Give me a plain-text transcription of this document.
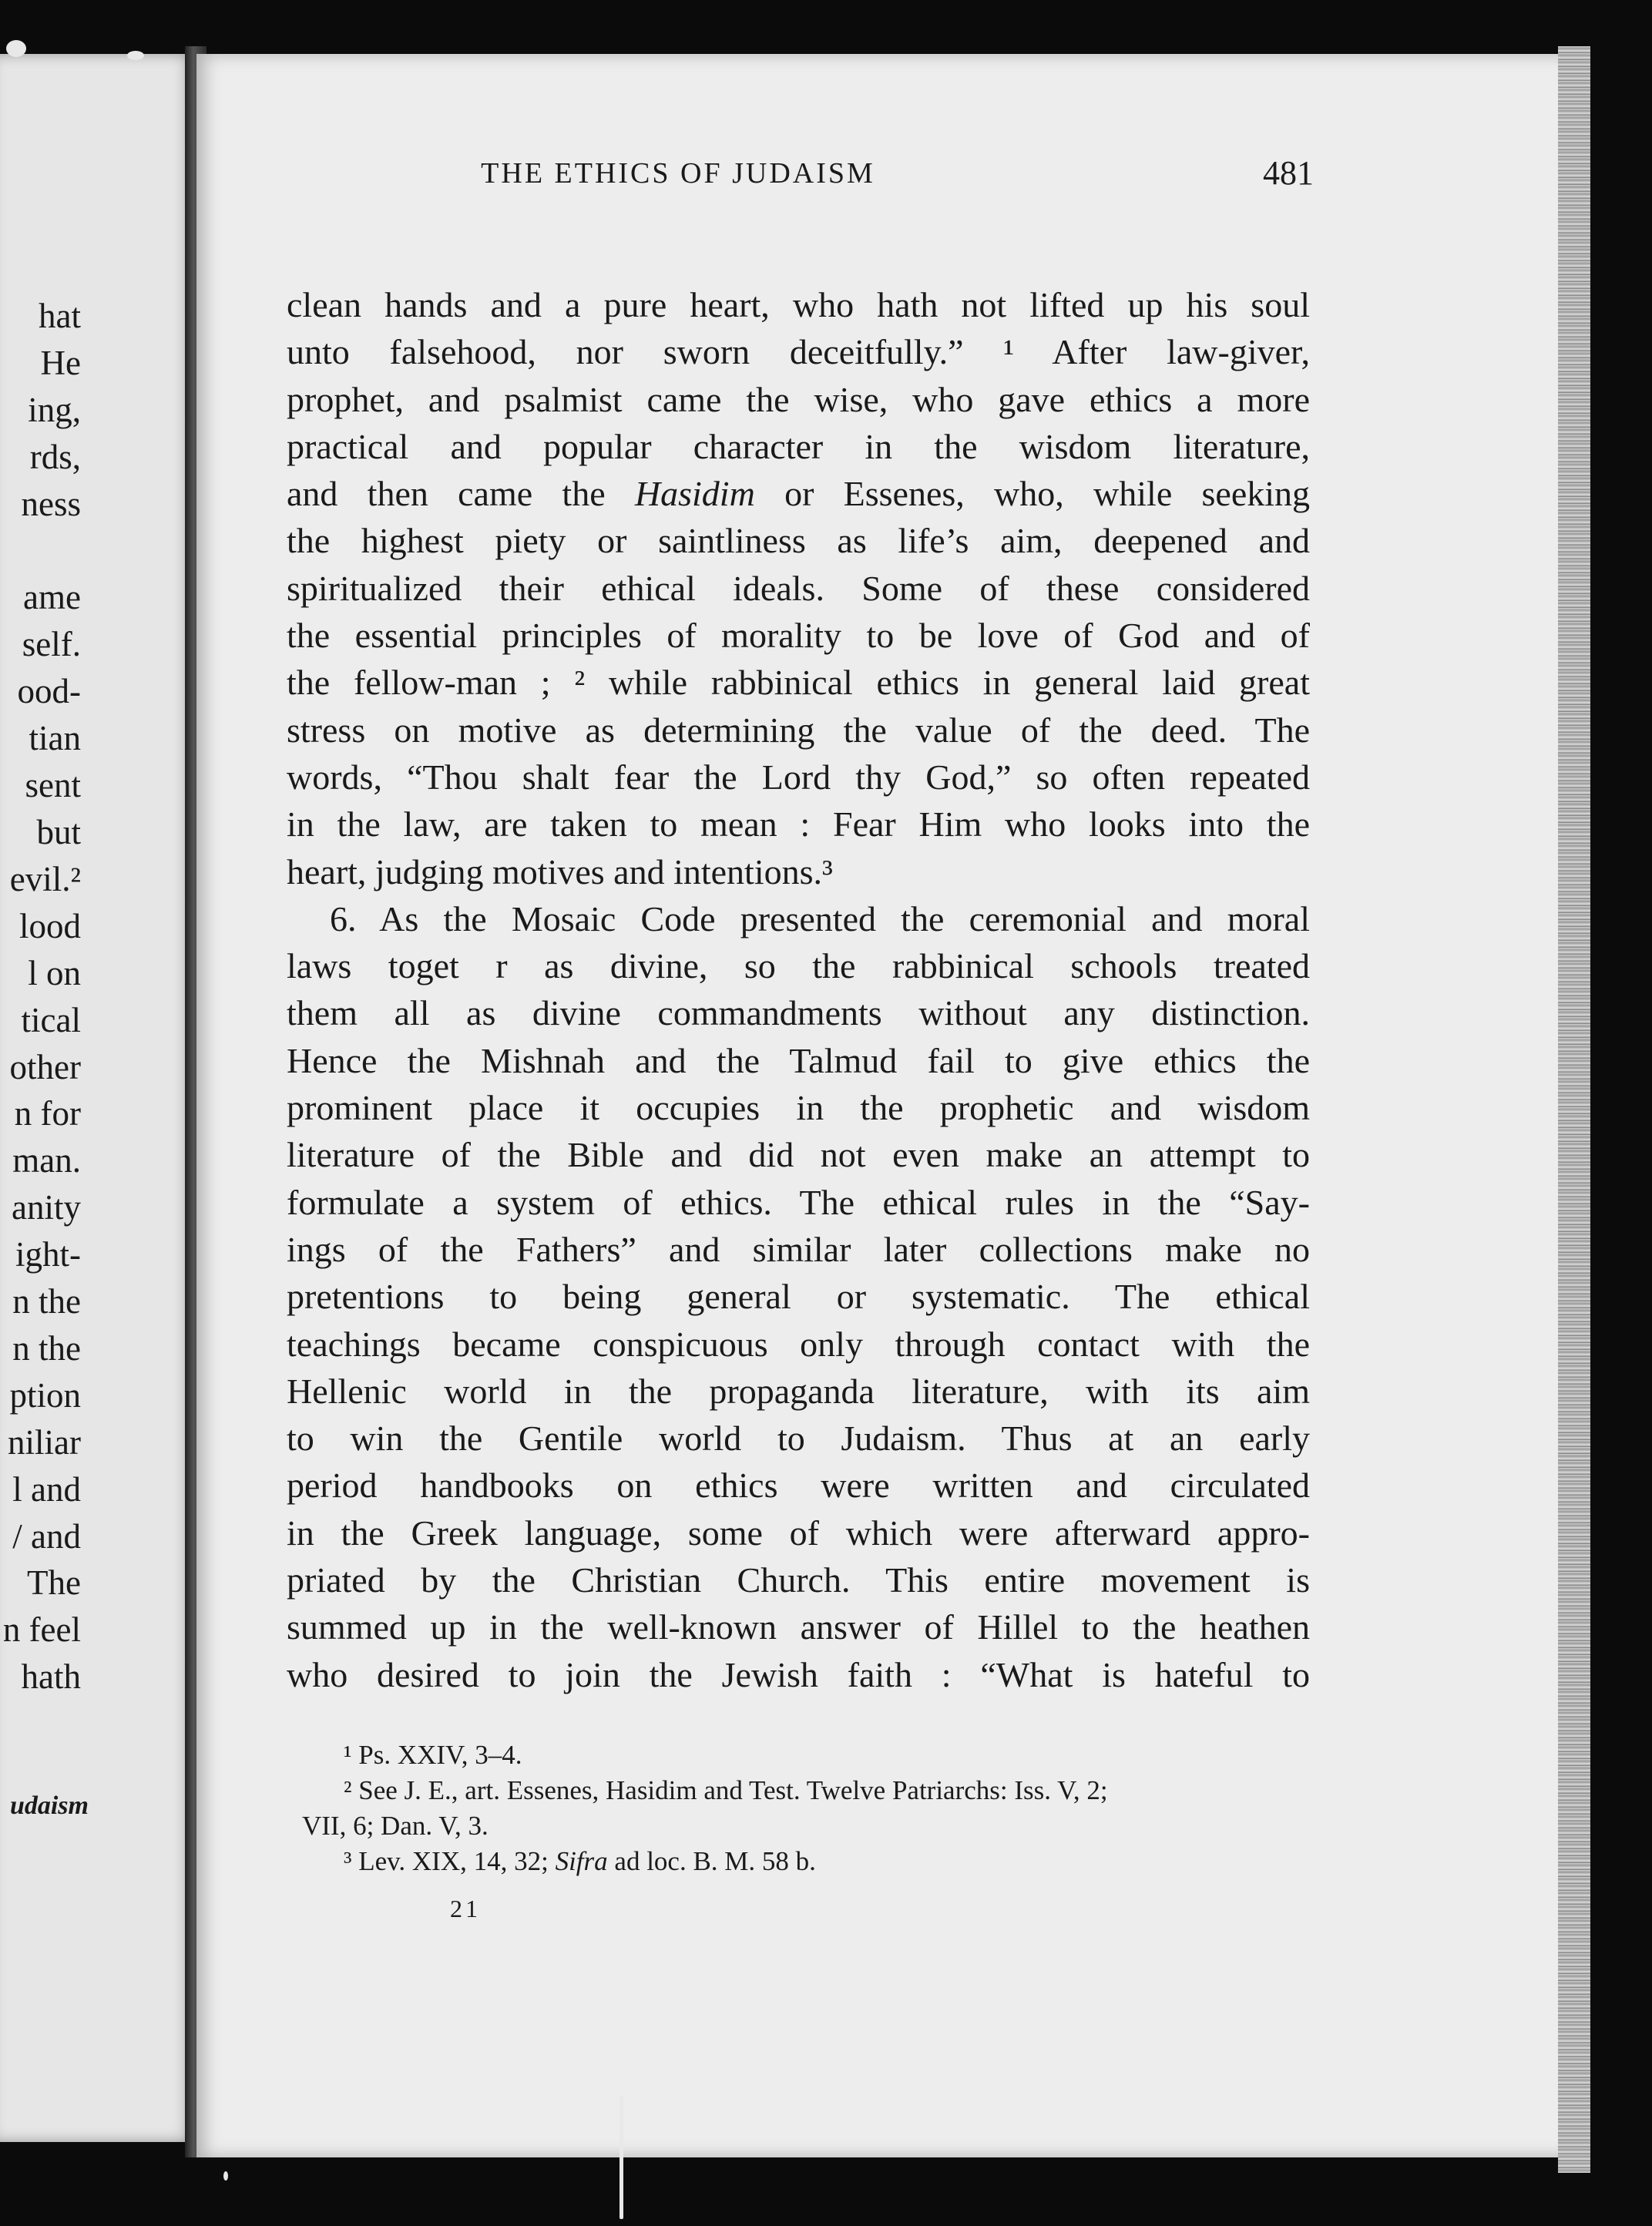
hat
He
ing,
rds,
ness

ame
self.
ood-
tian
sent
but
evil.²
lood
l on
tical
other
n for
man.
anity
ight-
n the
n the
ption
niliar
l and
/ and
The
n feel
hath
udaism
THE ETHICS OF JUDAISM	481
clean hands and a pure heart, who hath not lifted up his soul
unto falsehood, nor sworn deceitfully.” ¹ After law-giver,
prophet, and psalmist came the wise, who gave ethics a more
practical and popular character in the wisdom literature,
and then came the Hasidim or Essenes, who, while seeking
the highest piety or saintliness as life’s aim, deepened and
spiritualized their ethical ideals. Some of these considered
the essential principles of morality to be love of God and of
the fellow-man ; ² while rabbinical ethics in general laid great
stress on motive as determining the value of the deed. The
words, “Thou shalt fear the Lord thy God,” so often repeated
in the law, are taken to mean : Fear Him who looks into the
heart, judging motives and intentions.³
6. As the Mosaic Code presented the ceremonial and moral
laws toget r as divine, so the rabbinical schools treated
them all as divine commandments without any distinction.
Hence the Mishnah and the Talmud fail to give ethics the
prominent place it occupies in the prophetic and wisdom
literature of the Bible and did not even make an attempt to
formulate a system of ethics. The ethical rules in the “Say-
ings of the Fathers” and similar later collections make no
pretentions to being general or systematic. The ethical
teachings became conspicuous only through contact with the
Hellenic world in the propaganda literature, with its aim
to win the Gentile world to Judaism. Thus at an early
period handbooks on ethics were written and circulated
in the Greek language, some of which were afterward appro-
priated by the Christian Church. This entire movement is
summed up in the well-known answer of Hillel to the heathen
who desired to join the Jewish faith : “What is hateful to
¹ Ps. XXIV, 3–4.
² See J. E., art. Essenes, Hasidim and Test. Twelve Patriarchs: Iss. V, 2;
VII, 6; Dan. V, 3.
³ Lev. XIX, 14, 32; Sifra ad loc. B. M. 58 b.
21
